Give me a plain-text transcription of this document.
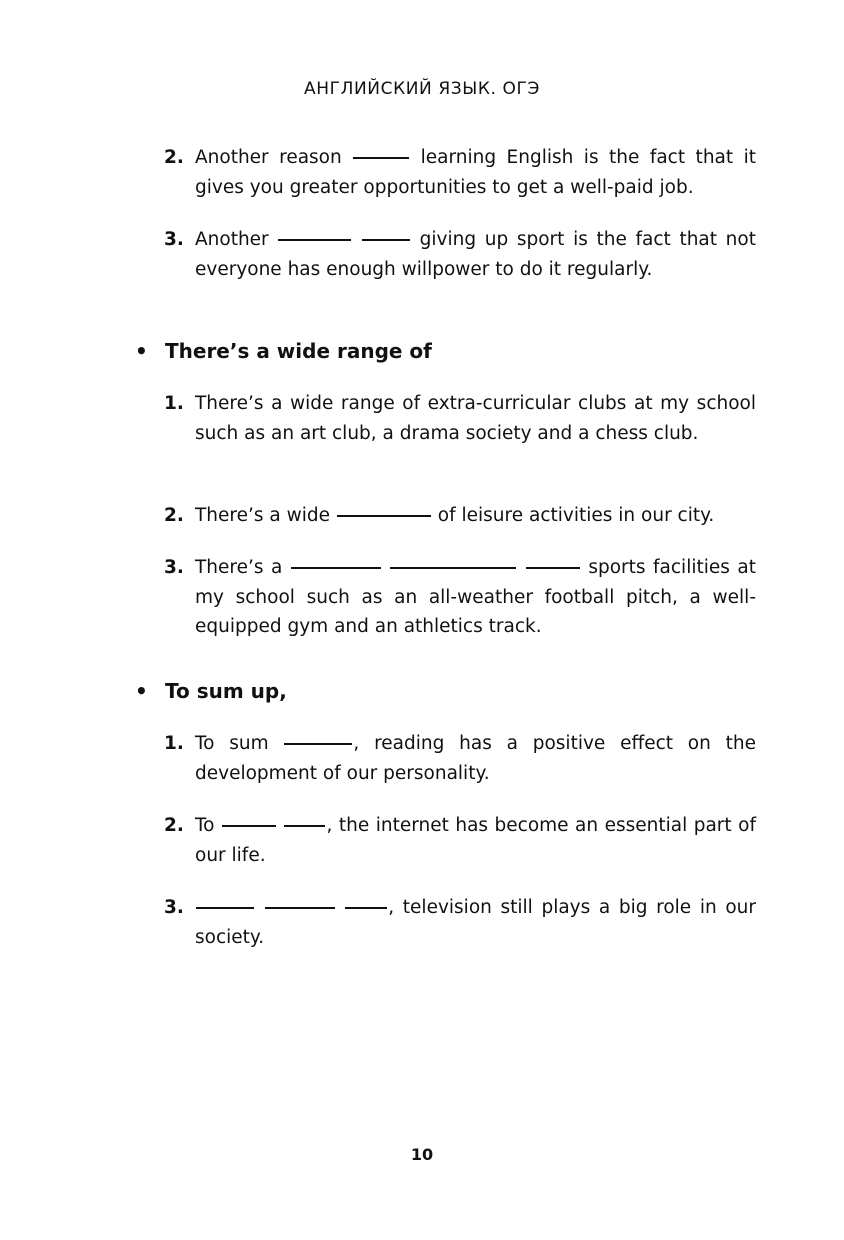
АНГЛИЙСКИЙ ЯЗЫК. ОГЭ
2. Another reason	learning English is the fact that it gives you greater opportunities to get a well-paid job.
3. Another	giving up sport is the fact that not everyone has enough willpower to do it regularly.
• There’s a wide range of
1. There’s a wide range of extra-curricular clubs at my school such as an art club, a drama society and a chess club.
2. There’s a wide	of leisure activities in our city.
3. There’s a	sports facilities at my school such as an all-weather football pitch, a well-equipped gym and an athletics track.
• To sum up,
1. To sum	, reading has a positive effect on the development of our personality.
2. To	, the internet has become an essential part of our life.
3.	, television still plays a big role in our society.
10
